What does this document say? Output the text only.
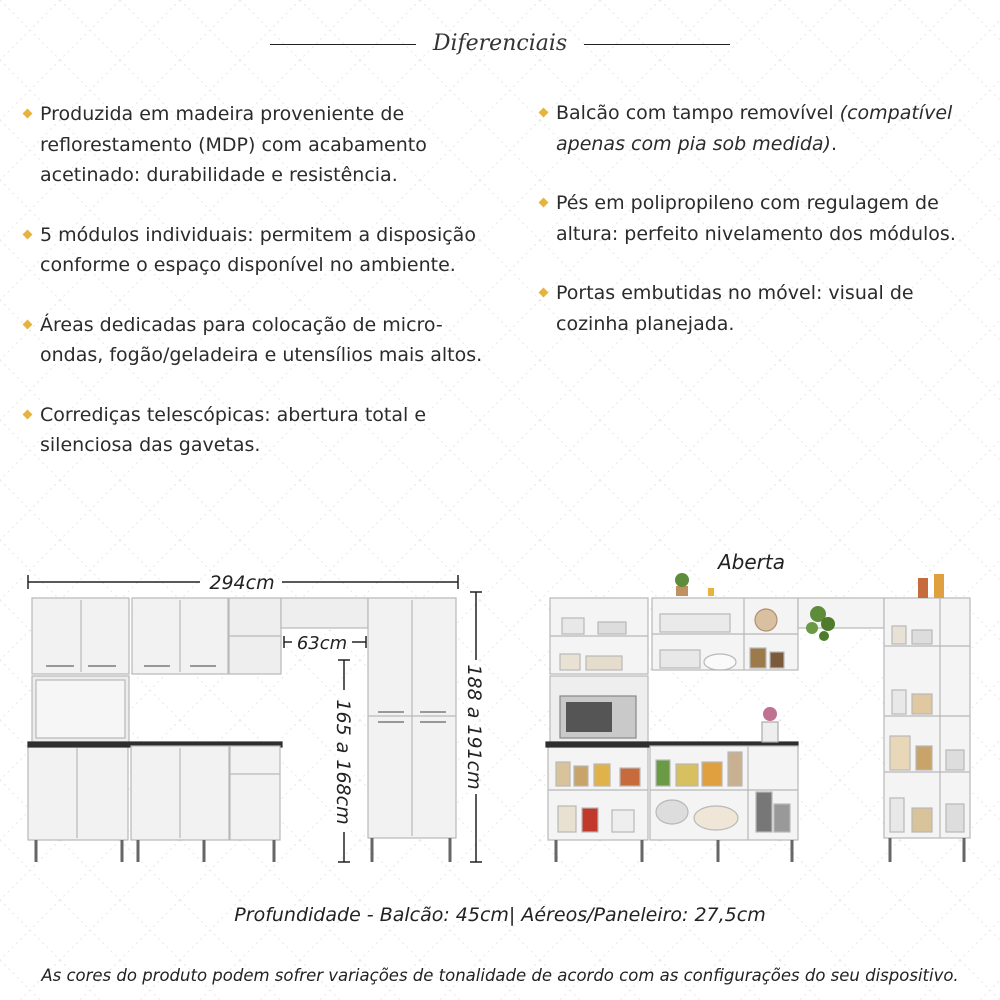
Diferenciais
Produzida em madeira proveniente de reflorestamento (MDP) com acabamento acetinado: durabilidade e resistência.
5 módulos individuais: permitem a disposição conforme o espaço disponível no ambiente.
Áreas dedicadas para colocação de micro-ondas, fogão/geladeira e utensílios mais altos.
Corrediças telescópicas: abertura total e silenciosa das gavetas.
Balcão com tampo removível (compatível apenas com pia sob medida).
Pés em polipropileno com regulagem de altura: perfeito nivelamento dos módulos.
Portas embutidas no móvel: visual de cozinha planejada.
294cm
63cm
165 a 168cm	188 a 191cm
Aberta
Profundidade - Balcão: 45cm| Aéreos/Paneleiro: 27,5cm
As cores do produto podem sofrer variações de tonalidade de acordo com as configurações do seu dispositivo.
